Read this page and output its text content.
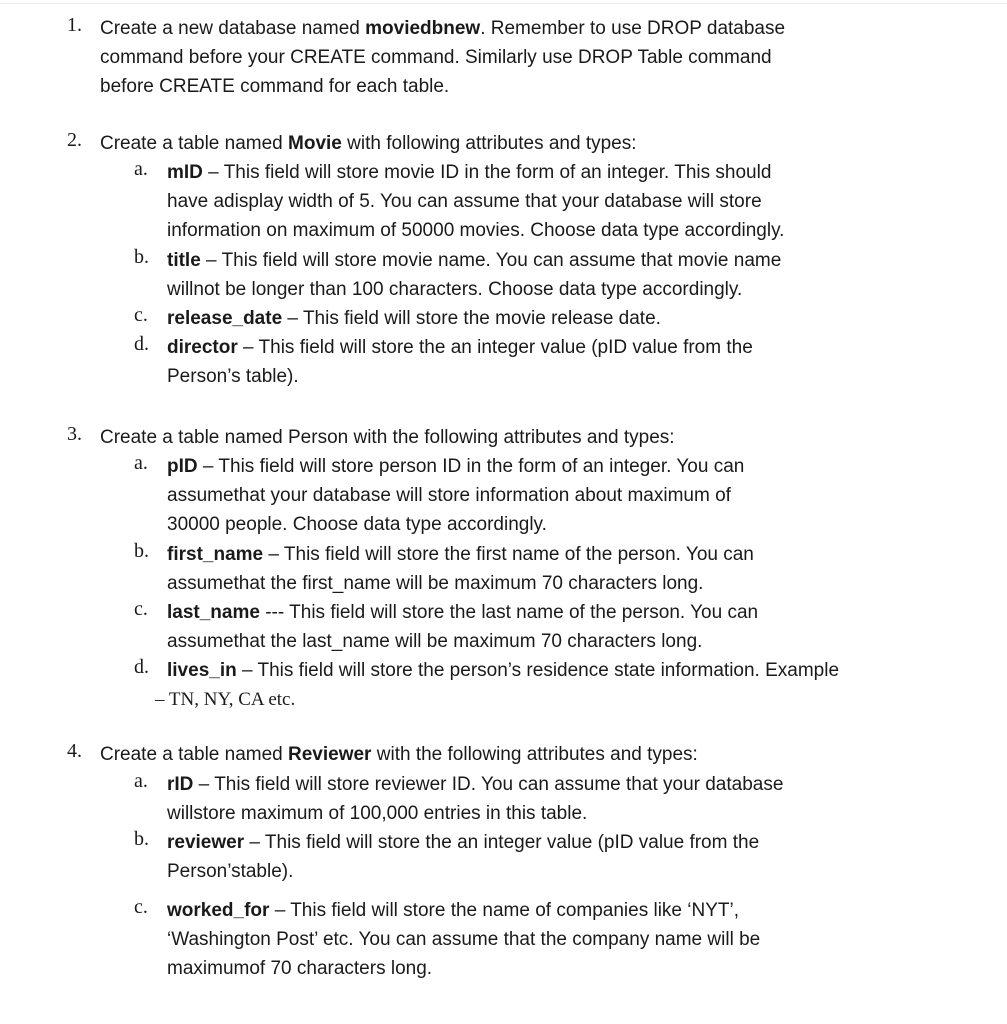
1. Create a new database named moviedbnew. Remember to use DROP database
command before your CREATE command. Similarly use DROP Table command
before CREATE command for each table.
2. Create a table named Movie with following attributes and types:
a. mID – This field will store movie ID in the form of an integer. This should
have adisplay width of 5. You can assume that your database will store
information on maximum of 50000 movies. Choose data type accordingly.
b. title – This field will store movie name. You can assume that movie name
willnot be longer than 100 characters. Choose data type accordingly.
c. release_date – This field will store the movie release date.
d. director – This field will store the an integer value (pID value from the
Person’s table).
3. Create a table named Person with the following attributes and types:
a. pID – This field will store person ID in the form of an integer. You can
assumethat your database will store information about maximum of
30000 people. Choose data type accordingly.
b. first_name – This field will store the first name of the person. You can
assumethat the first_name will be maximum 70 characters long.
c. last_name --- This field will store the last name of the person. You can
assumethat the last_name will be maximum 70 characters long.
d. lives_in – This field will store the person’s residence state information. Example
– TN, NY, CA etc.
4. Create a table named Reviewer with the following attributes and types:
a. rID – This field will store reviewer ID. You can assume that your database
willstore maximum of 100,000 entries in this table.
b. reviewer – This field will store the an integer value (pID value from the
Person’stable).
c. worked_for – This field will store the name of companies like ‘NYT’,
‘Washington Post’ etc. You can assume that the company name will be
maximumof 70 characters long.
